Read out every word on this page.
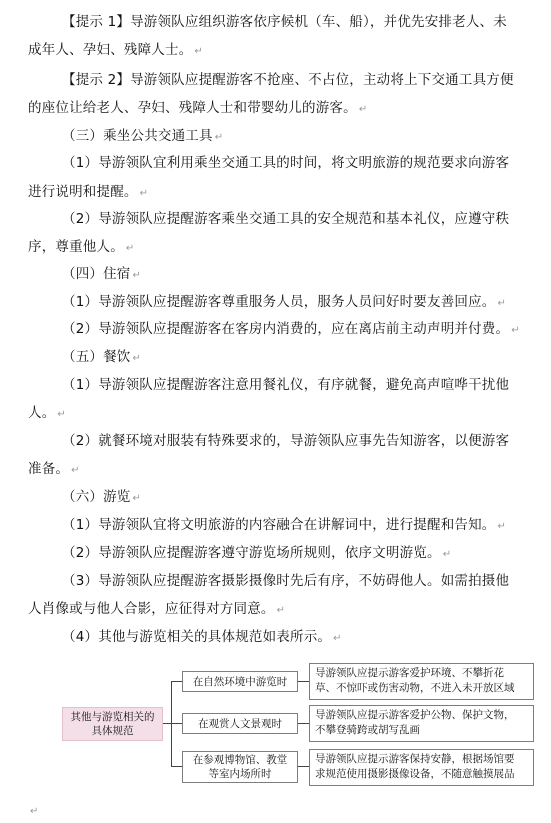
【提示 1】导游领队应组织游客依序候机（车、船），并优先安排老人、未
成年人、孕妇、残障人士。 ↵
【提示 2】导游领队应提醒游客不抢座、不占位，主动将上下交通工具方便
的座位让给老人、孕妇、残障人士和带婴幼儿的游客。 ↵
（三）乘坐公共交通工具 ↵
（1）导游领队宜利用乘坐交通工具的时间，将文明旅游的规范要求向游客
进行说明和提醒。 ↵
（2）导游领队应提醒游客乘坐交通工具的安全规范和基本礼仪，应遵守秩
序，尊重他人。 ↵
（四）住宿 ↵
（1）导游领队应提醒游客尊重服务人员，服务人员问好时要友善回应。 ↵
（2）导游领队应提醒游客在客房内消费的，应在离店前主动声明并付费。 ↵
（五）餐饮 ↵
（1）导游领队应提醒游客注意用餐礼仪，有序就餐，避免高声喧哗干扰他
人。 ↵
（2）就餐环境对服装有特殊要求的，导游领队应事先告知游客，以便游客
准备。 ↵
（六）游览 ↵
（1）导游领队宜将文明旅游的内容融合在讲解词中，进行提醒和告知。 ↵
（2）导游领队应提醒游客遵守游览场所规则，依序文明游览。 ↵
（3）导游领队应提醒游客摄影摄像时先后有序，不妨碍他人。如需拍摄他
人肖像或与他人合影，应征得对方同意。 ↵
（4）其他与游览相关的具体规范如表所示。 ↵
其他与游览相关的
具体规范
在自然环境中游览时
导游领队应提示游客爱护环境、不攀折花
草、不惊吓或伤害动物，不进入未开放区域
在观赏人文景观时
导游领队应提示游客爱护公物、保护文物，
不攀登骑跨或胡写乱画
在参观博物馆、教堂
等室内场所时
导游领队应提示游客保持安静，根据场馆要
求规范使用摄影摄像设备，不随意触摸展品
↵
